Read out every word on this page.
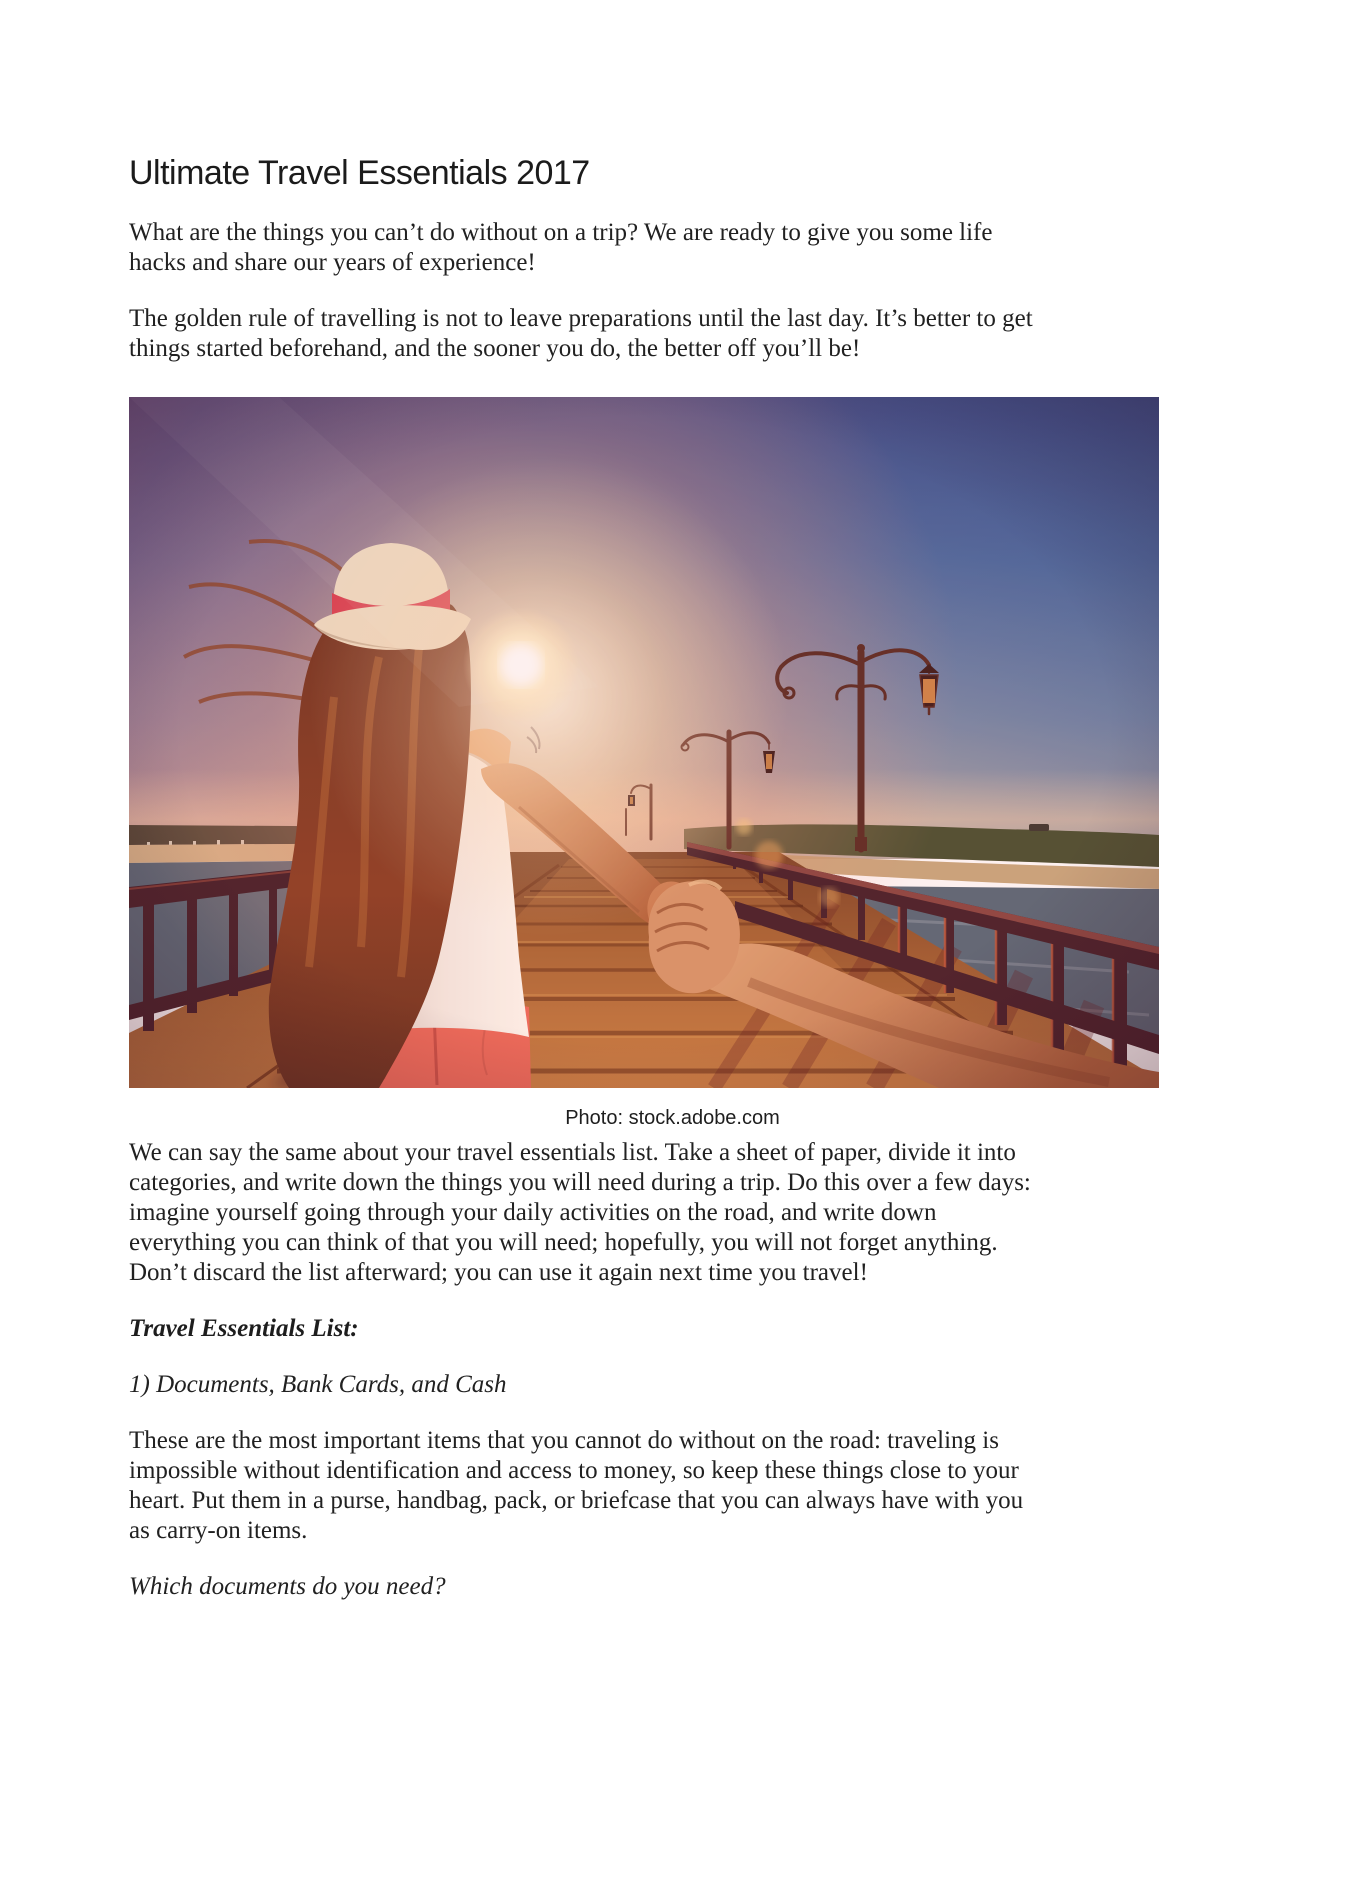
Ultimate Travel Essentials 2017
What are the things you can’t do without on a trip? We are ready to give you some life
hacks and share our years of experience!
The golden rule of travelling is not to leave preparations until the last day. It’s better to get
things started beforehand, and the sooner you do, the better off you’ll be!
Photo: stock.adobe.com
We can say the same about your travel essentials list. Take a sheet of paper, divide it into
categories, and write down the things you will need during a trip. Do this over a few days:
imagine yourself going through your daily activities on the road, and write down
everything you can think of that you will need; hopefully, you will not forget anything.
Don’t discard the list afterward; you can use it again next time you travel!
Travel Essentials List:
1) Documents, Bank Cards, and Cash
These are the most important items that you cannot do without on the road: traveling is
impossible without identification and access to money, so keep these things close to your
heart. Put them in a purse, handbag, pack, or briefcase that you can always have with you
as carry-on items.

Which documents do you need?
